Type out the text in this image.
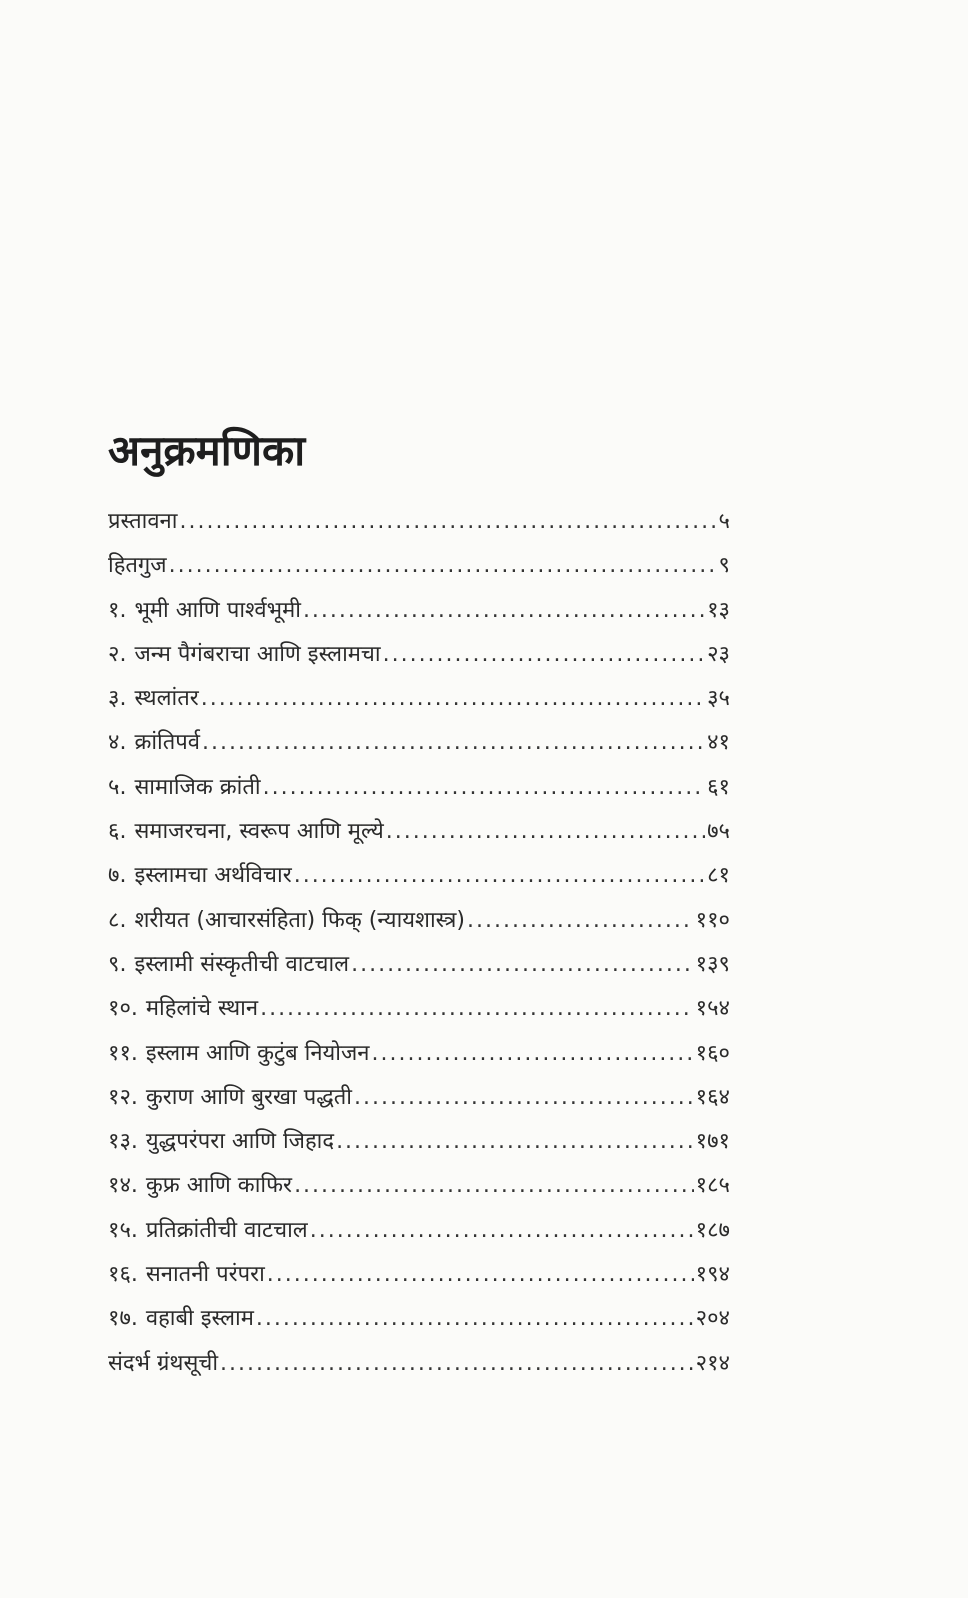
अनुक्रमणिका
प्रस्तावना .....	५
हितगुज .....	९
१. भूमी आणि पार्श्वभूमी .....	१३
२. जन्म पैगंबराचा आणि इस्लामचा .....	२३
३. स्थलांतर .....	३५
४. क्रांतिपर्व .....	४१
५. सामाजिक क्रांती .....	६१
६. समाजरचना, स्वरूप आणि मूल्ये .....	७५
७. इस्लामचा अर्थविचार .....	८१
८. शरीयत (आचारसंहिता) फिक् (न्यायशास्त्र) .....	११०
९. इस्लामी संस्कृतीची वाटचाल .....	१३९
१०. महिलांचे स्थान .....	१५४
११. इस्लाम आणि कुटुंब नियोजन .....	१६०
१२. कुराण आणि बुरखा पद्धती .....	१६४
१३. युद्धपरंपरा आणि जिहाद .....	१७१
१४. कुफ्र आणि काफिर .....	१८५
१५. प्रतिक्रांतीची वाटचाल .....	१८७
१६. सनातनी परंपरा .....	१९४
१७. वहाबी इस्लाम .....	२०४
संदर्भ ग्रंथसूची .....	२१४
